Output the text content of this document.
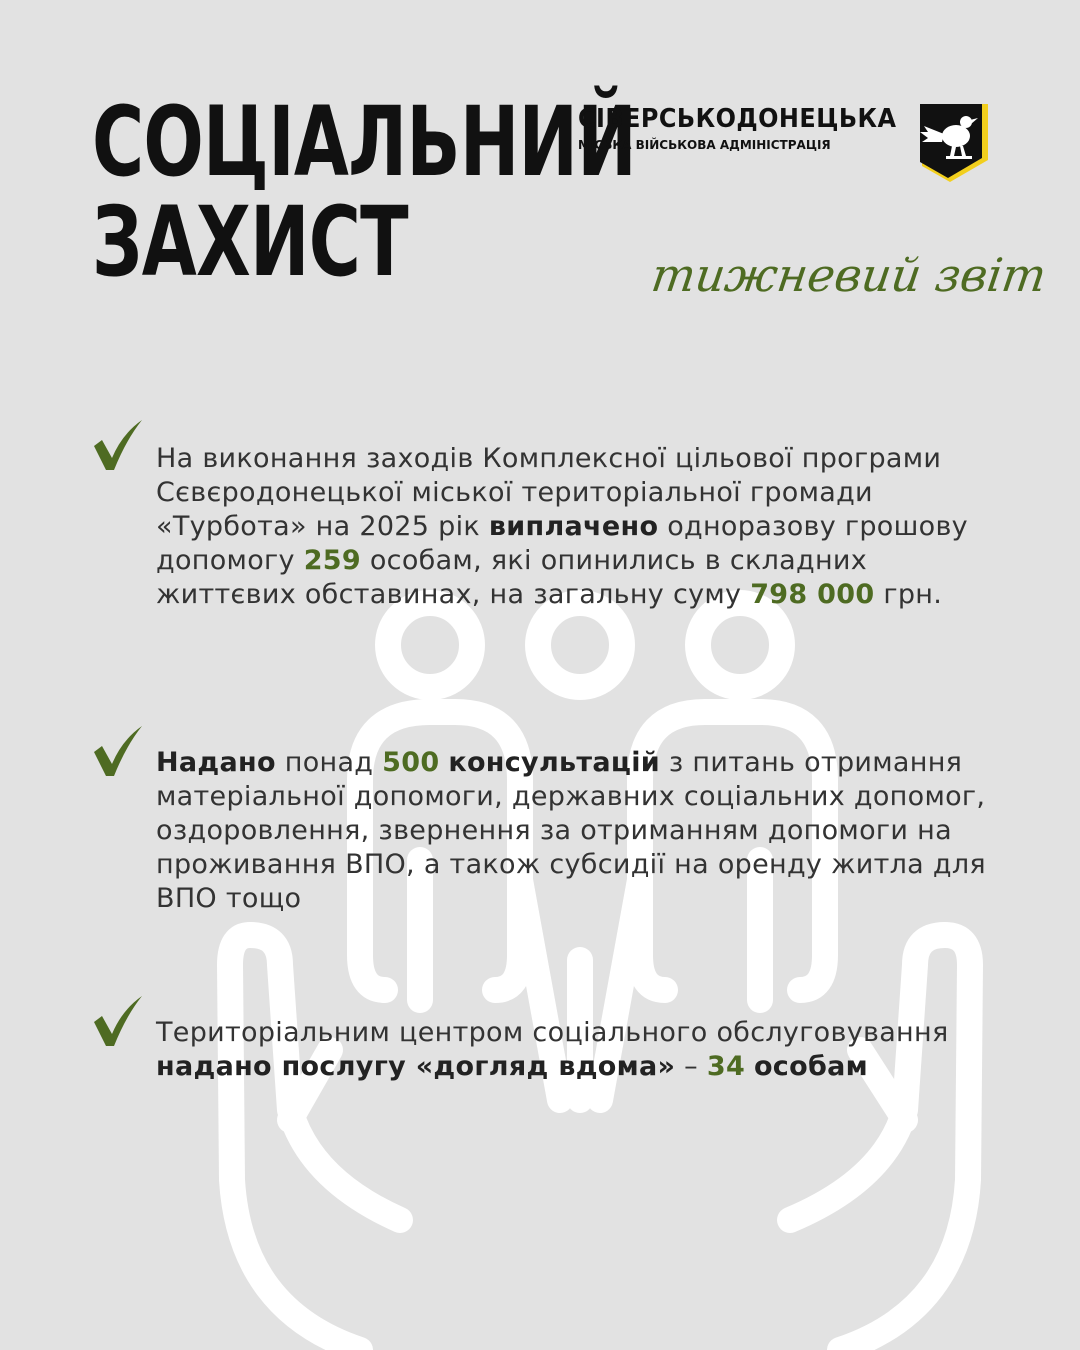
СОЦІАЛЬНИЙ
ЗАХИСТ
СІВЕРСЬКОДОНЕЦЬКА
МІСЬКА ВІЙСЬКОВА АДМІНІСТРАЦІЯ
тижневий звіт
На виконання заходів Комплексної цільової програми Сєвєродонецької міської територіальної громади «Турбота» на 2025 рік виплачено одноразову грошову допомогу 259 особам, які опинились в складних життєвих обставинах, на загальну суму 798 000 грн.
Надано понад 500 консультацій з питань отримання матеріальної допомоги, державних соціальних допомог, оздоровлення, звернення за отриманням допомоги на проживання ВПО, а також субсидії на оренду житла для ВПО тощо
Територіальним центром соціального обслуговування надано послугу «догляд вдома» – 34 особам
